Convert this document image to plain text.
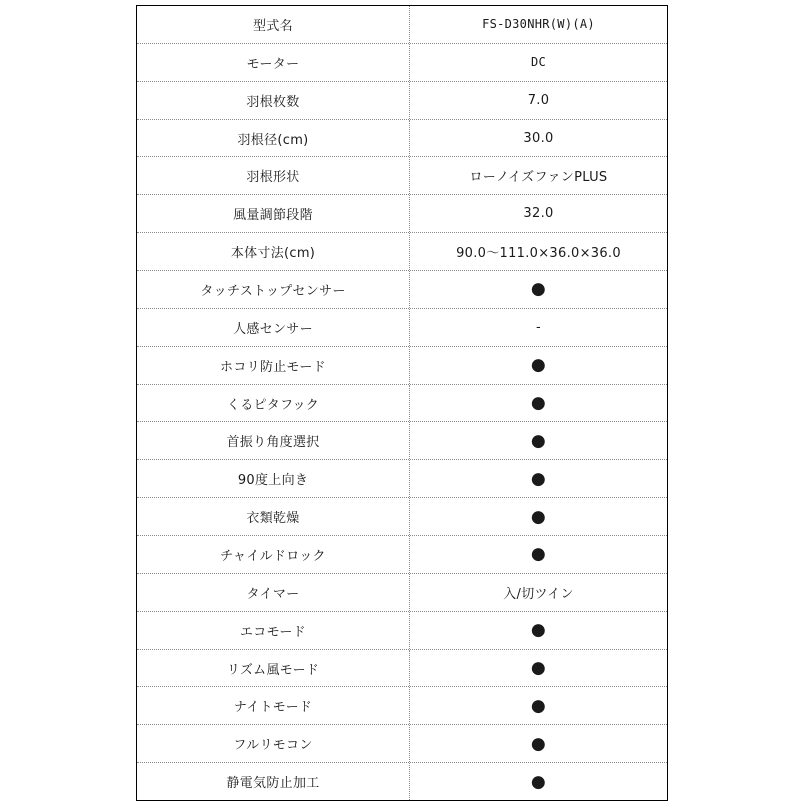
型式名	FS-D30NHR(W)(A)
モーター	DC
羽根枚数	7.0
羽根径(cm)	30.0
羽根形状	ローノイズファンPLUS
風量調節段階	32.0
本体寸法(cm)	90.0～111.0×36.0×36.0
タッチストップセンサー	●
人感センサー	-
ホコリ防止モード	●
くるピタフック	●
首振り角度選択	●
90度上向き	●
衣類乾燥	●
チャイルドロック	●
タイマー	入/切ツイン
エコモード	●
リズム風モード	●
ナイトモード	●
フルリモコン	●
静電気防止加工	●
